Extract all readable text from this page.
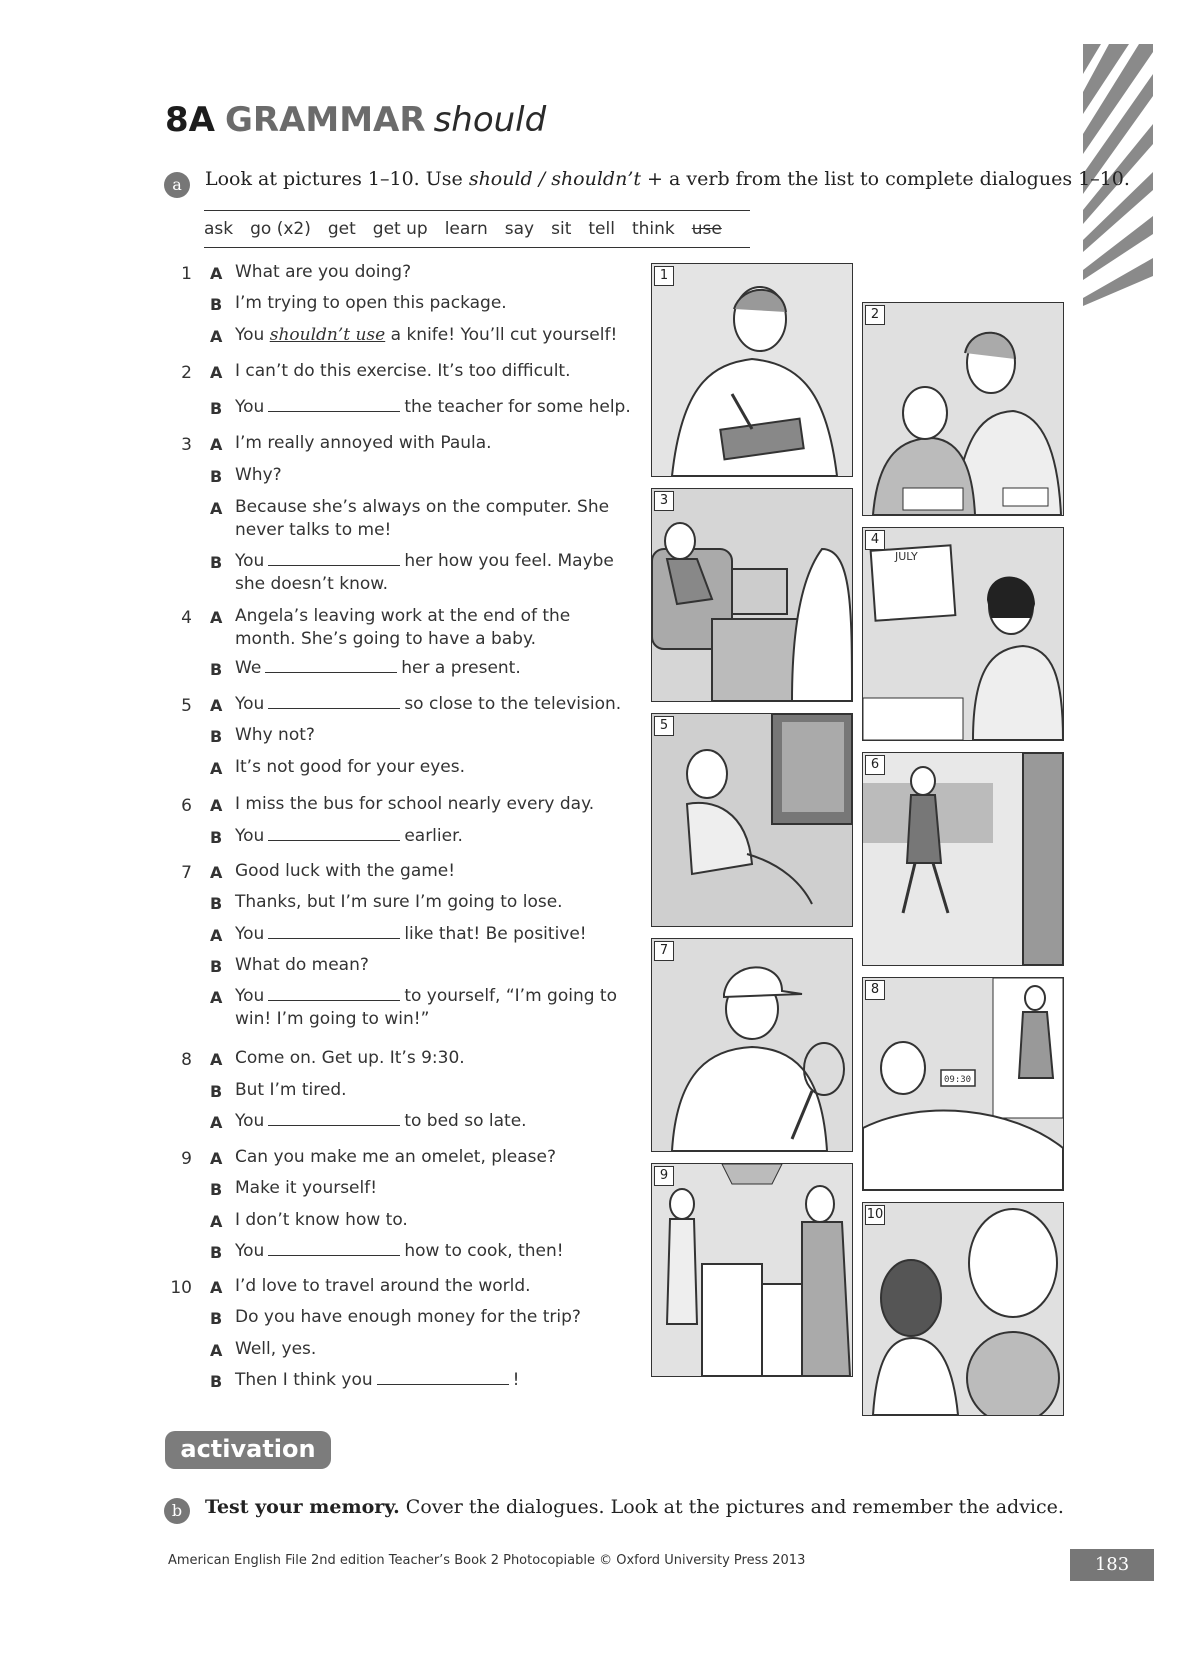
8A GRAMMAR should
a	Look at pictures 1–10. Use should / shouldn’t + a verb from the list to complete dialogues 1–10.
ask go (x2) get get up learn say sit tell think use
1 A What are you doing?
B I’m trying to open this package.
A You shouldn’t use a knife! You’ll cut yourself!
2 A I can’t do this exercise. It’s too difficult.
B You	the teacher for some help.
3 A I’m really annoyed with Paula.
B Why?
A Because she’s always on the computer. She never talks to me!
B You	her how you feel. Maybe she doesn’t know.
4 A Angela’s leaving work at the end of the month. She’s going to have a baby.
B We	her a present.
5 A You	so close to the television.
B Why not?
A It’s not good for your eyes.
6 A I miss the bus for school nearly every day.
B You	earlier.
7 A Good luck with the game!
B Thanks, but I’m sure I’m going to lose.
A You	like that! Be positive!
B What do mean?
A You	to yourself, “I’m going to win! I’m going to win!”
8 A Come on. Get up. It’s 9:30.
B But I’m tired.
A You	to bed so late.
9 A Can you make me an omelet, please?
B Make it yourself!
A I don’t know how to.
B You	how to cook, then!
10 A I’d love to travel around the world.
B Do you have enough money for the trip?
A Well, yes.
B Then I think you	!
1
2
3
JULY
4
5
6
7
09:30
8
9
10
activation
b	Test your memory. Cover the dialogues. Look at the pictures and remember the advice.
American English File 2nd edition Teacher’s Book 2 Photocopiable © Oxford University Press 2013	183
